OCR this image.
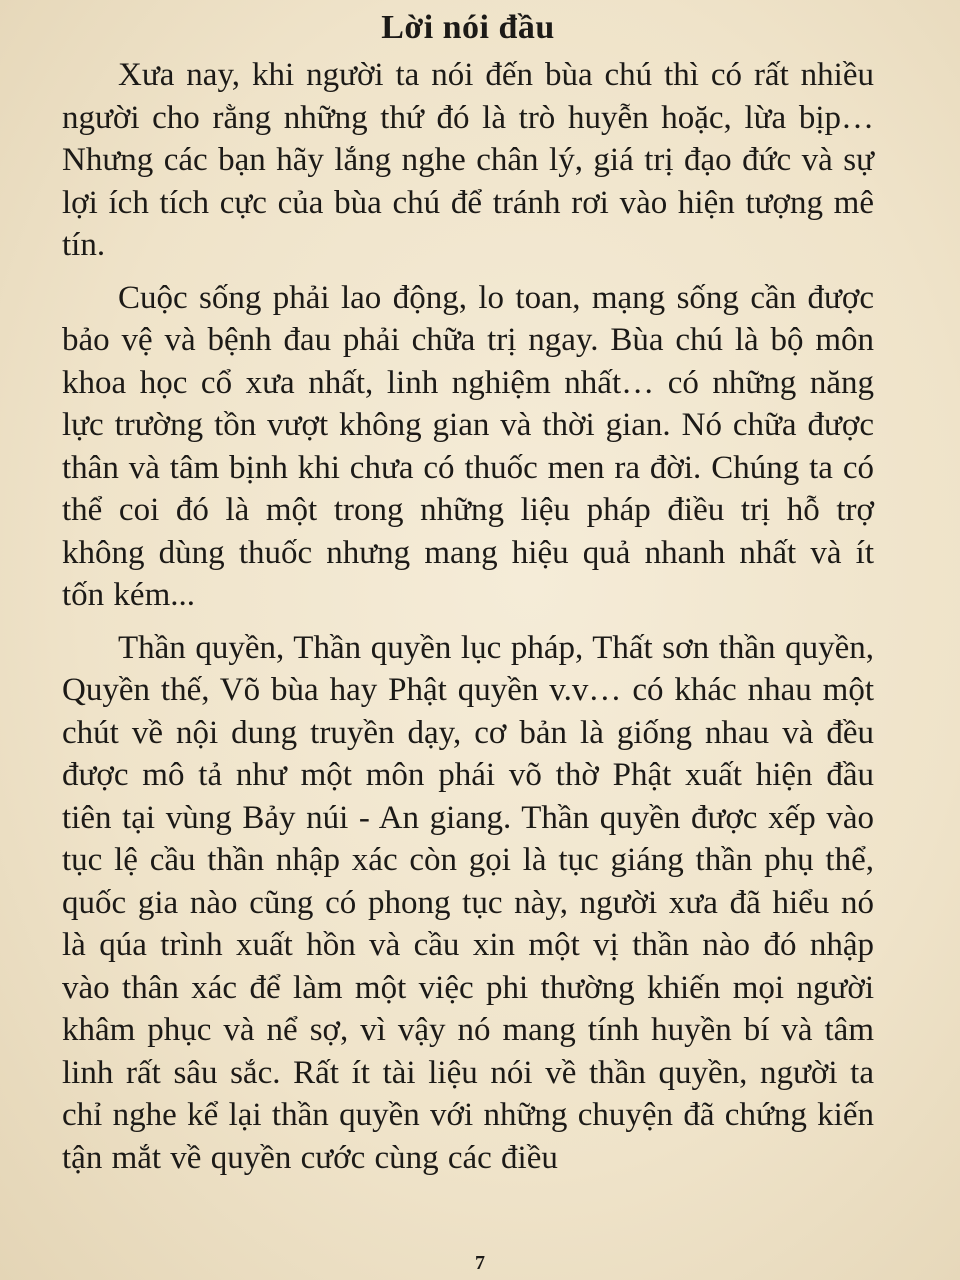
Lời nói đầu

Xưa nay, khi người ta nói đến bùa chú thì có rất nhiều người cho rằng những thứ đó là trò huyễn hoặc, lừa bịp… Nhưng các bạn hãy lắng nghe chân lý, giá trị đạo đức và sự lợi ích tích cực của bùa chú để tránh rơi vào hiện tượng mê tín.

Cuộc sống phải lao động, lo toan, mạng sống cần được bảo vệ và bệnh đau phải chữa trị ngay. Bùa chú là bộ môn khoa học cổ xưa nhất, linh nghiệm nhất… có những năng lực trường tồn vượt không gian và thời gian. Nó chữa được thân và tâm bịnh khi chưa có thuốc men ra đời. Chúng ta có thể coi đó là một trong những liệu pháp điều trị hỗ trợ không dùng thuốc nhưng mang hiệu quả nhanh nhất và ít tốn kém...

Thần quyền, Thần quyền lục pháp, Thất sơn thần quyền, Quyền thế, Võ bùa hay Phật quyền v.v… có khác nhau một chút về nội dung truyền dạy, cơ bản là giống nhau và đều được mô tả như một môn phái võ thờ Phật xuất hiện đầu tiên tại vùng Bảy núi - An giang. Thần quyền được xếp vào tục lệ cầu thần nhập xác còn gọi là tục giáng thần phụ thể, quốc gia nào cũng có phong tục này, người xưa đã hiểu nó là qúa trình xuất hồn và cầu xin một vị thần nào đó nhập vào thân xác để làm một việc phi thường khiến mọi người khâm phục và nể sợ, vì vậy nó mang tính huyền bí và tâm linh rất sâu sắc. Rất ít tài liệu nói về thần quyền, người ta chỉ nghe kể lại thần quyền với những chuyện đã chứng kiến tận mắt về quyền cước cùng các điều

7
